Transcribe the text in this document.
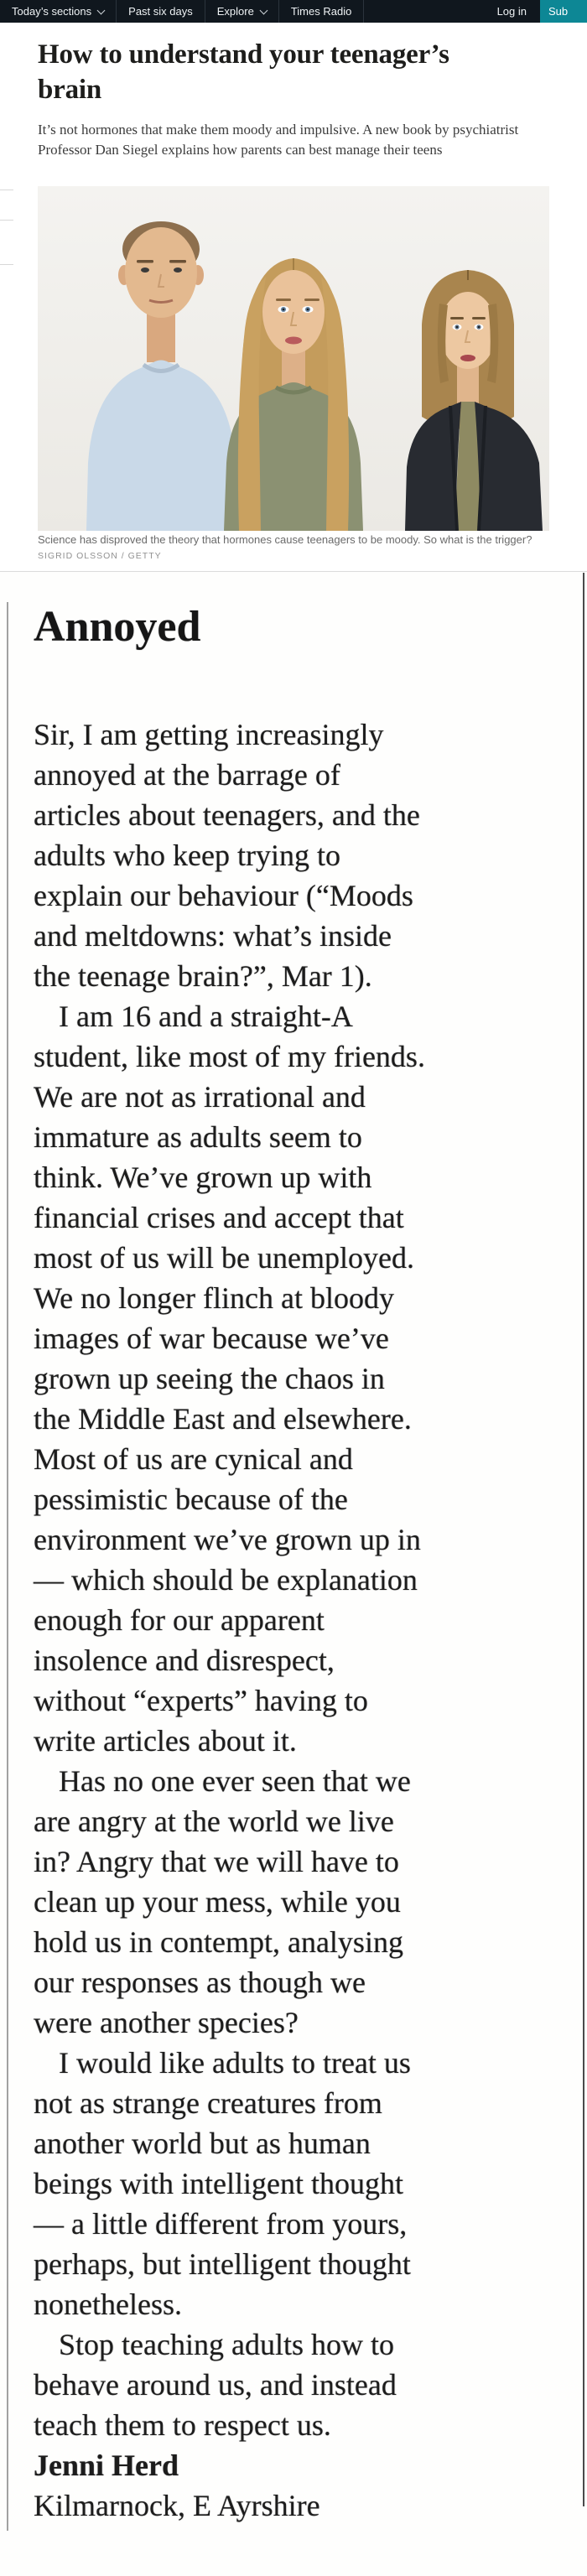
Today’s sections	Past six days Explore	Times Radio	Log in	Sub
How to understand your teenager’s
brain
It’s not hormones that make them moody and impulsive. A new book by psychiatrist
Professor Dan Siegel explains how parents can best manage their teens
Science has disproved the theory that hormones cause teenagers to be moody. So what is the trigger?
SIGRID OLSSON / GETTY
Annoyed
Sir, I am getting increasingly
annoyed at the barrage of
articles about teenagers, and the
adults who keep trying to
explain our behaviour (“Moods
and meltdowns: what’s inside
the teenage brain?”, Mar 1).
I am 16 and a straight-A
student, like most of my friends.
We are not as irrational and
immature as adults seem to
think. We’ve grown up with
financial crises and accept that
most of us will be unemployed.
We no longer flinch at bloody
images of war because we’ve
grown up seeing the chaos in
the Middle East and elsewhere.
Most of us are cynical and
pessimistic because of the
environment we’ve grown up in
— which should be explanation
enough for our apparent
insolence and disrespect,
without “experts” having to
write articles about it.
Has no one ever seen that we
are angry at the world we live
in? Angry that we will have to
clean up your mess, while you
hold us in contempt, analysing
our responses as though we
were another species?
I would like adults to treat us
not as strange creatures from
another world but as human
beings with intelligent thought
— a little different from yours,
perhaps, but intelligent thought
nonetheless.
Stop teaching adults how to
behave around us, and instead
teach them to respect us.
Jenni Herd
Kilmarnock, E Ayrshire
